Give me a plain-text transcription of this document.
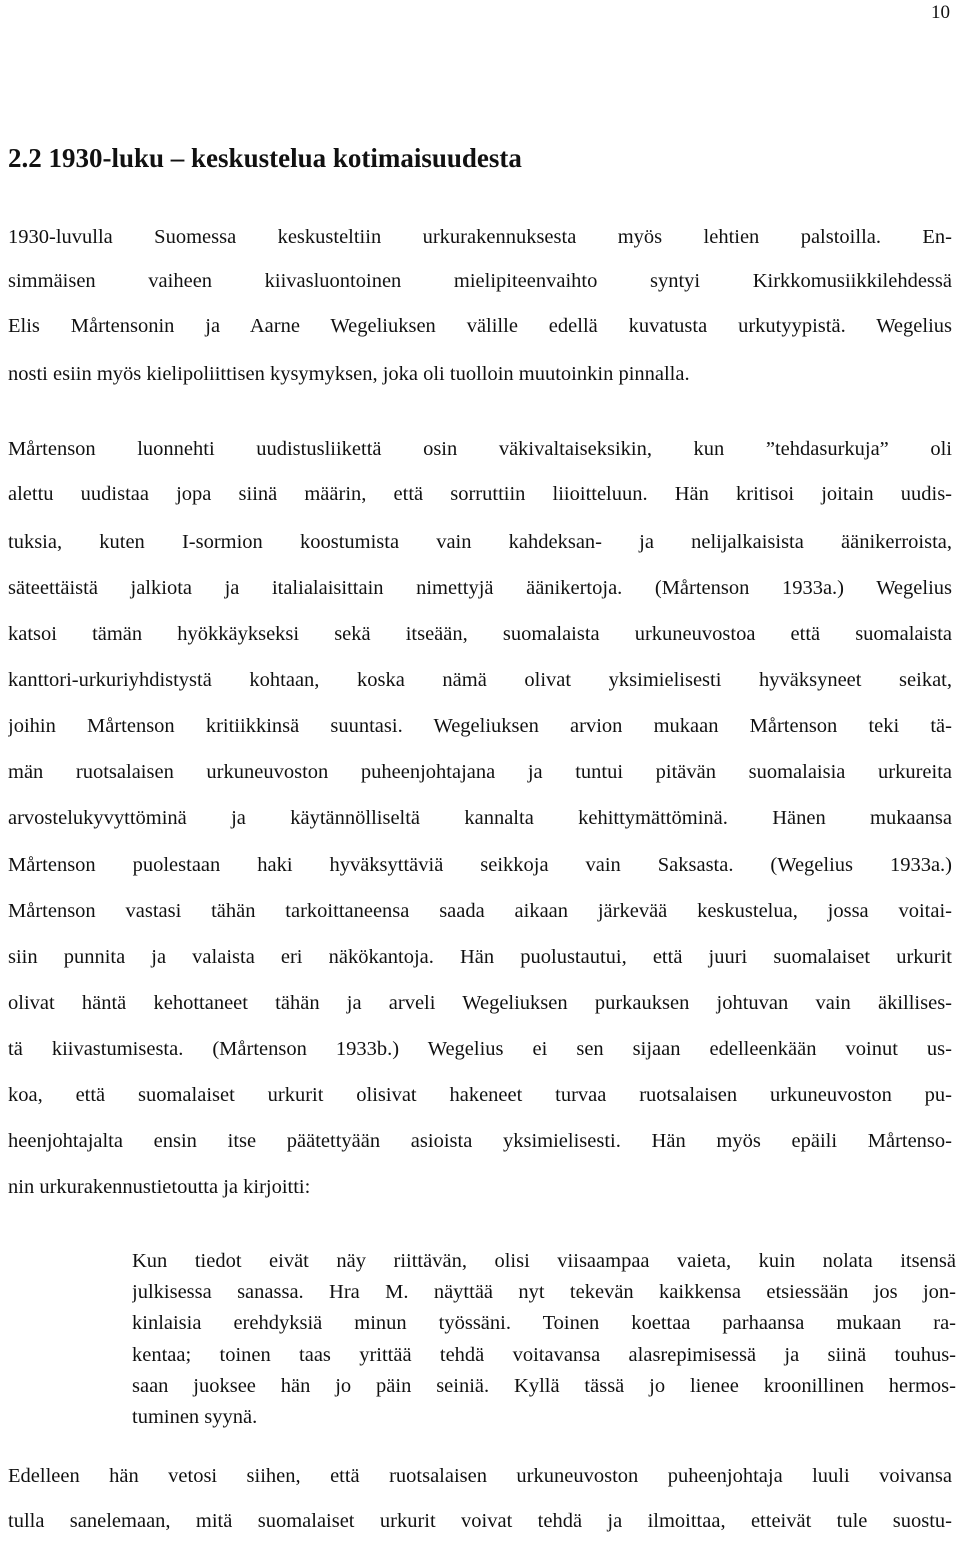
10
2.2 1930-luku – keskustelua kotimaisuudesta
1930-luvulla Suomessa keskusteltiin urkurakennuksesta myös lehtien palstoilla. En-
simmäisen vaiheen kiivasluontoinen mielipiteenvaihto syntyi Kirkkomusiikkilehdessä
Elis Mårtensonin ja Aarne Wegeliuksen välille edellä kuvatusta urkutyypistä. Wegelius
nosti esiin myös kielipoliittisen kysymyksen, joka oli tuolloin muutoinkin pinnalla.
Mårtenson luonnehti uudistusliikettä osin väkivaltaiseksikin, kun ”tehdasurkuja” oli
alettu uudistaa jopa siinä määrin, että sorruttiin liioitteluun. Hän kritisoi joitain uudis-
tuksia, kuten I-sormion koostumista vain kahdeksan- ja nelijalkaisista äänikerroista,
säteettäistä jalkiota ja italialaisittain nimettyjä äänikertoja. (Mårtenson 1933a.) Wegelius
katsoi tämän hyökkäykseksi sekä itseään, suomalaista urkuneuvostoa että suomalaista
kanttori-urkuriyhdistystä kohtaan, koska nämä olivat yksimielisesti hyväksyneet seikat,
joihin Mårtenson kritiikkinsä suuntasi. Wegeliuksen arvion mukaan Mårtenson teki tä-
män ruotsalaisen urkuneuvoston puheenjohtajana ja tuntui pitävän suomalaisia urkureita
arvostelukyvyttöminä ja käytännölliseltä kannalta kehittymättöminä. Hänen mukaansa
Mårtenson puolestaan haki hyväksyttäviä seikkoja vain Saksasta. (Wegelius 1933a.)
Mårtenson vastasi tähän tarkoittaneensa saada aikaan järkevää keskustelua, jossa voitai-
siin punnita ja valaista eri näkökantoja. Hän puolustautui, että juuri suomalaiset urkurit
olivat häntä kehottaneet tähän ja arveli Wegeliuksen purkauksen johtuvan vain äkillises-
tä kiivastumisesta. (Mårtenson 1933b.) Wegelius ei sen sijaan edelleenkään voinut us-
koa, että suomalaiset urkurit olisivat hakeneet turvaa ruotsalaisen urkuneuvoston pu-
heenjohtajalta ensin itse päätettyään asioista yksimielisesti. Hän myös epäili Mårtenso-
nin urkurakennustietoutta ja kirjoitti:
Kun tiedot eivät näy riittävän, olisi viisaampaa vaieta, kuin nolata itsensä
julkisessa sanassa. Hra M. näyttää nyt tekevän kaikkensa etsiessään jos jon-
kinlaisia erehdyksiä minun työssäni. Toinen koettaa parhaansa mukaan ra-
kentaa; toinen taas yrittää tehdä voitavansa alasrepimisessä ja siinä touhus-
saan juoksee hän jo päin seiniä. Kyllä tässä jo lienee kroonillinen hermos-
tuminen syynä.
Edelleen hän vetosi siihen, että ruotsalaisen urkuneuvoston puheenjohtaja luuli voivansa
tulla sanelemaan, mitä suomalaiset urkurit voivat tehdä ja ilmoittaa, etteivät tule suostu-
